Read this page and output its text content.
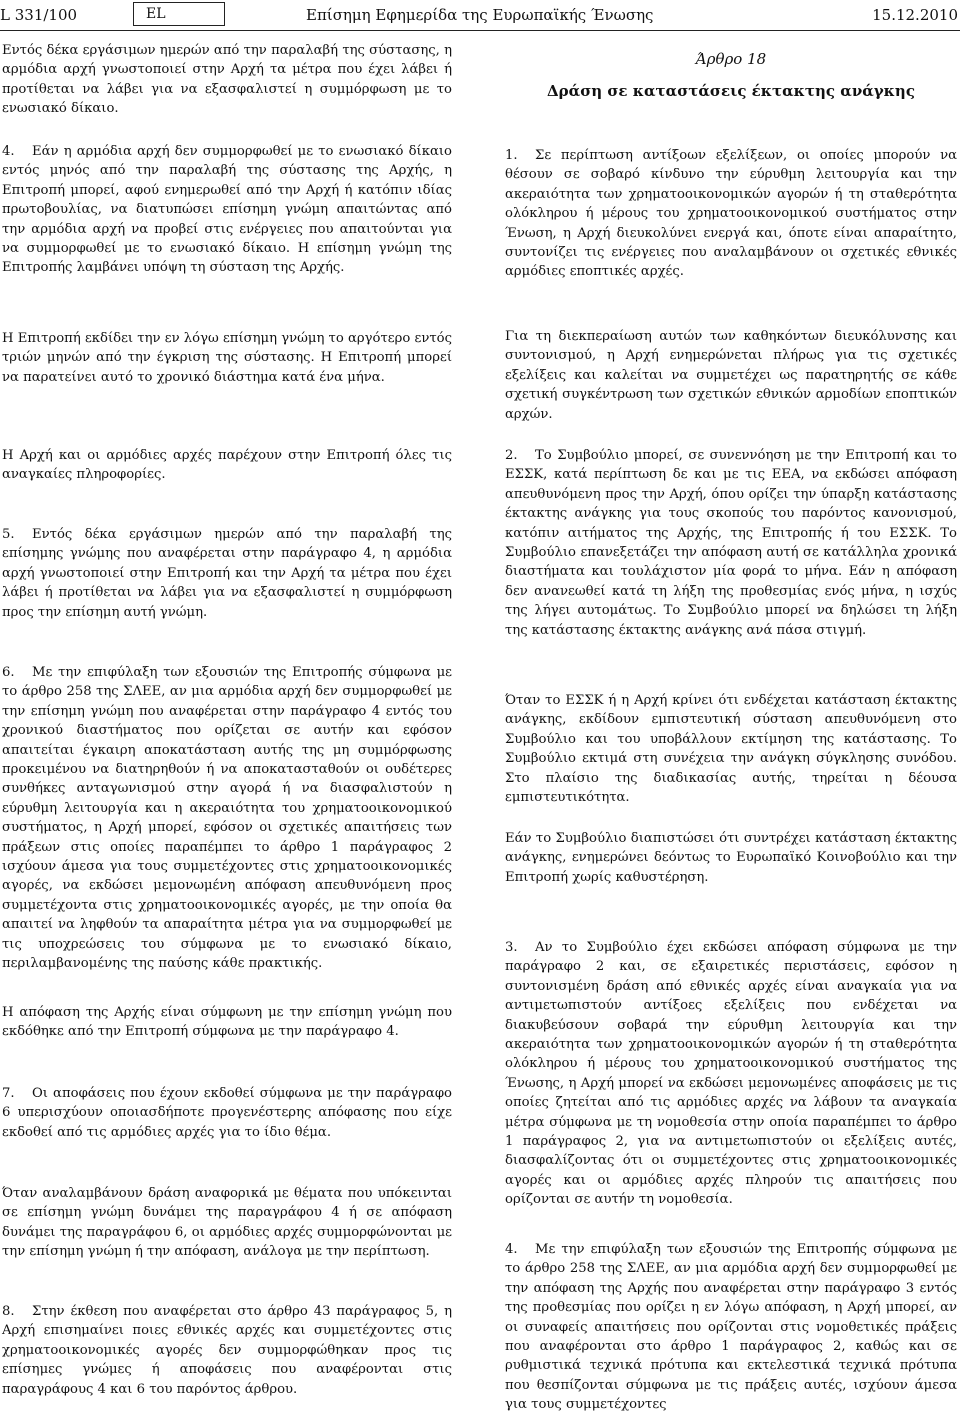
L 331/100	EL	Επίσημη Εφημερίδα της Ευρωπαϊκής Ένωσης	15.12.2010

Εντός δέκα εργάσιμων ημερών από την παραλαβή της σύστασης, η αρμόδια αρχή γνωστοποιεί στην Αρχή τα μέτρα που έχει λάβει ή προτίθεται να λάβει για να εξασφαλιστεί η συμμόρφωση με το ενωσιακό δίκαιο.

4. Εάν η αρμόδια αρχή δεν συμμορφωθεί με το ενωσιακό δίκαιο εντός μηνός από την παραλαβή της σύστασης της Αρχής, η Επιτροπή μπορεί, αφού ενημερωθεί από την Αρχή ή κατόπιν ιδίας πρωτοβουλίας, να διατυπώσει επίσημη γνώμη απαιτώντας από την αρμόδια αρχή να προβεί στις ενέργειες που απαιτούνται για να συμμορφωθεί με το ενωσιακό δίκαιο. Η επίσημη γνώμη της Επιτροπής λαμβάνει υπόψη τη σύσταση της Αρχής.

Η Επιτροπή εκδίδει την εν λόγω επίσημη γνώμη το αργότερο εντός τριών μηνών από την έγκριση της σύστασης. Η Επιτροπή μπορεί να παρατείνει αυτό το χρονικό διάστημα κατά ένα μήνα.

Η Αρχή και οι αρμόδιες αρχές παρέχουν στην Επιτροπή όλες τις αναγκαίες πληροφορίες.

5. Εντός δέκα εργάσιμων ημερών από την παραλαβή της επίσημης γνώμης που αναφέρεται στην παράγραφο 4, η αρμόδια αρχή γνωστοποιεί στην Επιτροπή και την Αρχή τα μέτρα που έχει λάβει ή προτίθεται να λάβει για να εξασφαλιστεί η συμμόρφωση προς την επίσημη αυτή γνώμη.

6. Με την επιφύλαξη των εξουσιών της Επιτροπής σύμφωνα με το άρθρο 258 της ΣΛΕΕ, αν μια αρμόδια αρχή δεν συμμορφωθεί με την επίσημη γνώμη που αναφέρεται στην παράγραφο 4 εντός του χρονικού διαστήματος που ορίζεται σε αυτήν και εφόσον απαιτείται έγκαιρη αποκατάσταση αυτής της μη συμμόρφωσης προκειμένου να διατηρηθούν ή να αποκατασταθούν οι ουδέτερες συνθήκες ανταγωνισμού στην αγορά ή να διασφαλιστούν η εύρυθμη λειτουργία και η ακεραιότητα του χρηματοοικονομικού συστήματος, η Αρχή μπορεί, εφόσον οι σχετικές απαιτήσεις των πράξεων στις οποίες παραπέμπει το άρθρο 1 παράγραφος 2 ισχύουν άμεσα για τους συμμετέχοντες στις χρηματοοικονομικές αγορές, να εκδώσει μεμονωμένη απόφαση απευθυνόμενη προς συμμετέχοντα στις χρηματοοικονομικές αγορές, με την οποία θα απαιτεί να ληφθούν τα απαραίτητα μέτρα για να συμμορφωθεί με τις υποχρεώσεις του σύμφωνα με το ενωσιακό δίκαιο, περιλαμβανομένης της παύσης κάθε πρακτικής.

Η απόφαση της Αρχής είναι σύμφωνη με την επίσημη γνώμη που εκδόθηκε από την Επιτροπή σύμφωνα με την παράγραφο 4.

7. Οι αποφάσεις που έχουν εκδοθεί σύμφωνα με την παράγραφο 6 υπερισχύουν οποιασδήποτε προγενέστερης απόφασης που είχε εκδοθεί από τις αρμόδιες αρχές για το ίδιο θέμα.

Όταν αναλαμβάνουν δράση αναφορικά με θέματα που υπόκεινται σε επίσημη γνώμη δυνάμει της παραγράφου 4 ή σε απόφαση δυνάμει της παραγράφου 6, οι αρμόδιες αρχές συμμορφώνονται με την επίσημη γνώμη ή την απόφαση, ανάλογα με την περίπτωση.

8. Στην έκθεση που αναφέρεται στο άρθρο 43 παράγραφος 5, η Αρχή επισημαίνει ποιες εθνικές αρχές και συμμετέχοντες στις χρηματοοικονομικές αγορές δεν συμμορφώθηκαν προς τις επίσημες γνώμες ή αποφάσεις που αναφέρονται στις παραγράφους 4 και 6 του παρόντος άρθρου.

Άρθρο 18

Δράση σε καταστάσεις έκτακτης ανάγκης

1. Σε περίπτωση αντίξοων εξελίξεων, οι οποίες μπορούν να θέσουν σε σοβαρό κίνδυνο την εύρυθμη λειτουργία και την ακεραιότητα των χρηματοοικονομικών αγορών ή τη σταθερότητα ολόκληρου ή μέρους του χρηματοοικονομικού συστήματος στην Ένωση, η Αρχή διευκολύνει ενεργά και, όποτε είναι απαραίτητο, συντονίζει τις ενέργειες που αναλαμβάνουν οι σχετικές εθνικές αρμόδιες εποπτικές αρχές.

Για τη διεκπεραίωση αυτών των καθηκόντων διευκόλυνσης και συντονισμού, η Αρχή ενημερώνεται πλήρως για τις σχετικές εξελίξεις και καλείται να συμμετέχει ως παρατηρητής σε κάθε σχετική συγκέντρωση των σχετικών εθνικών αρμοδίων εποπτικών αρχών.

2. Το Συμβούλιο μπορεί, σε συνεννόηση με την Επιτροπή και το ΕΣΣΚ, κατά περίπτωση δε και με τις ΕΕΑ, να εκδώσει απόφαση απευθυνόμενη προς την Αρχή, όπου ορίζει την ύπαρξη κατάστασης έκτακτης ανάγκης για τους σκοπούς του παρόντος κανονισμού, κατόπιν αιτήματος της Αρχής, της Επιτροπής ή του ΕΣΣΚ. Το Συμβούλιο επανεξετάζει την απόφαση αυτή σε κατάλληλα χρονικά διαστήματα και τουλάχιστον μία φορά το μήνα. Εάν η απόφαση δεν ανανεωθεί κατά τη λήξη της προθεσμίας ενός μήνα, η ισχύς της λήγει αυτομάτως. Το Συμβούλιο μπορεί να δηλώσει τη λήξη της κατάστασης έκτακτης ανάγκης ανά πάσα στιγμή.

Όταν το ΕΣΣΚ ή η Αρχή κρίνει ότι ενδέχεται κατάσταση έκτακτης ανάγκης, εκδίδουν εμπιστευτική σύσταση απευθυνόμενη στο Συμβούλιο και του υποβάλλουν εκτίμηση της κατάστασης. Το Συμβούλιο εκτιμά στη συνέχεια την ανάγκη σύγκλησης συνόδου. Στο πλαίσιο της διαδικασίας αυτής, τηρείται η δέουσα εμπιστευτικότητα.

Εάν το Συμβούλιο διαπιστώσει ότι συντρέχει κατάσταση έκτακτης ανάγκης, ενημερώνει δεόντως το Ευρωπαϊκό Κοινοβούλιο και την Επιτροπή χωρίς καθυστέρηση.

3. Αν το Συμβούλιο έχει εκδώσει απόφαση σύμφωνα με την παράγραφο 2 και, σε εξαιρετικές περιστάσεις, εφόσον η συντονισμένη δράση από εθνικές αρχές είναι αναγκαία για να αντιμετωπιστούν αντίξοες εξελίξεις που ενδέχεται να διακυβεύσουν σοβαρά την εύρυθμη λειτουργία και την ακεραιότητα των χρηματοοικονομικών αγορών ή τη σταθερότητα ολόκληρου ή μέρους του χρηματοοικονομικού συστήματος της Ένωσης, η Αρχή μπορεί να εκδώσει μεμονωμένες αποφάσεις με τις οποίες ζητείται από τις αρμόδιες αρχές να λάβουν τα αναγκαία μέτρα σύμφωνα με τη νομοθεσία στην οποία παραπέμπει το άρθρο 1 παράγραφος 2, για να αντιμετωπιστούν οι εξελίξεις αυτές, διασφαλίζοντας ότι οι συμμετέχοντες στις χρηματοοικονομικές αγορές και οι αρμόδιες αρχές πληρούν τις απαιτήσεις που ορίζονται σε αυτήν τη νομοθεσία.

4. Με την επιφύλαξη των εξουσιών της Επιτροπής σύμφωνα με το άρθρο 258 της ΣΛΕΕ, αν μια αρμόδια αρχή δεν συμμορφωθεί με την απόφαση της Αρχής που αναφέρεται στην παράγραφο 3 εντός της προθεσμίας που ορίζει η εν λόγω απόφαση, η Αρχή μπορεί, αν οι συναφείς απαιτήσεις που ορίζονται στις νομοθετικές πράξεις που αναφέρονται στο άρθρο 1 παράγραφος 2, καθώς και σε ρυθμιστικά τεχνικά πρότυπα και εκτελεστικά τεχνικά πρότυπα που θεσπίζονται σύμφωνα με τις πράξεις αυτές, ισχύουν άμεσα για τους συμμετέχοντες
